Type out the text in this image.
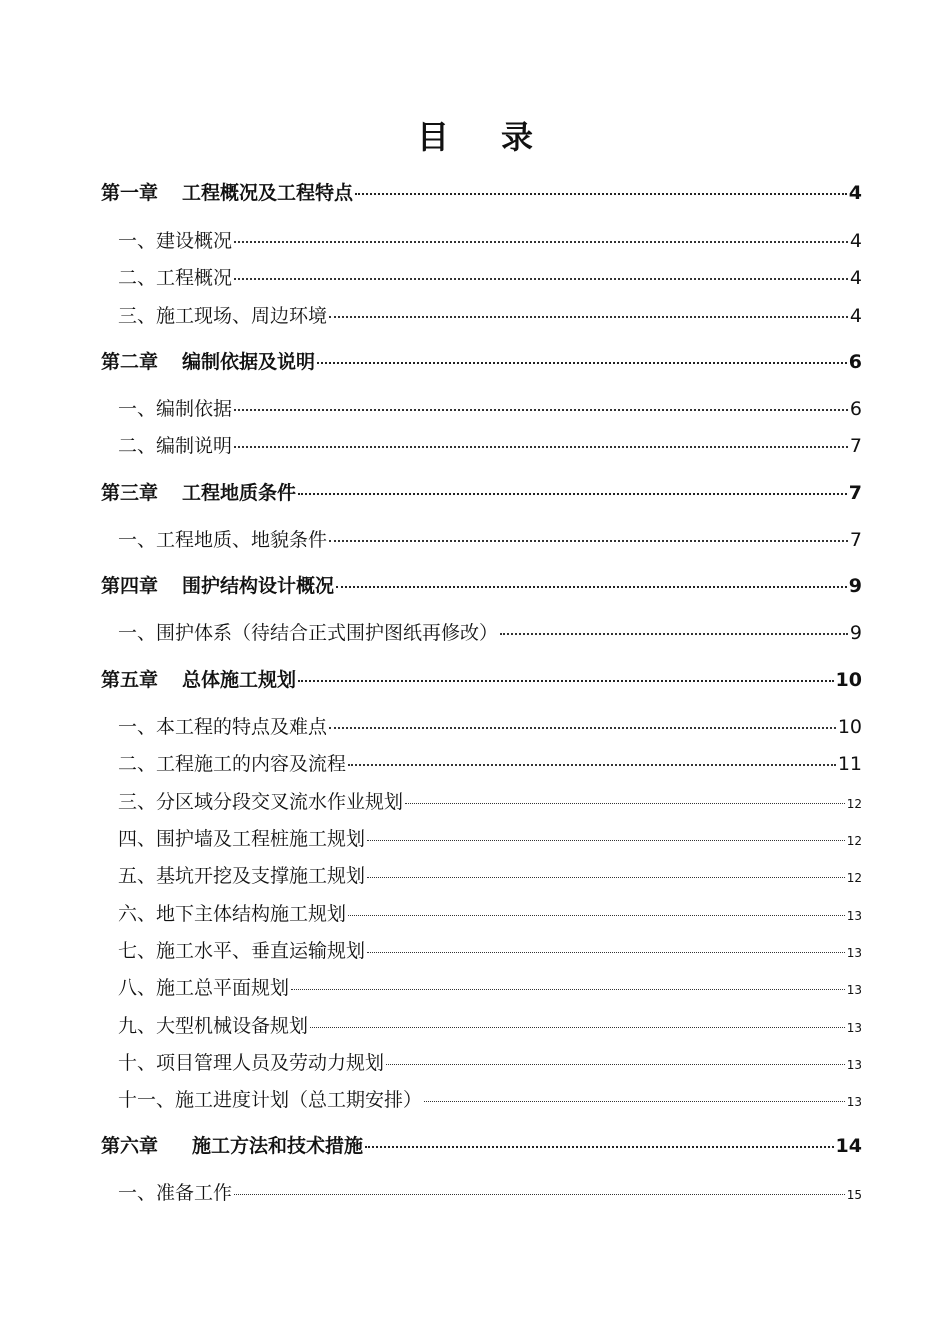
目 录
第一章 工程概况及工程特点	4
一、建设概况	4
二、工程概况	4
三、施工现场、周边环境	4
第二章 编制依据及说明	6
一、编制依据	6
二、编制说明	7
第三章 工程地质条件	7
一、工程地质、地貌条件	7
第四章 围护结构设计概况	9
一、围护体系（待结合正式围护图纸再修改）	9
第五章 总体施工规划	10
一、本工程的特点及难点	10
二、工程施工的内容及流程	11
三、分区域分段交叉流水作业规划	12
四、围护墙及工程桩施工规划	12
五、基坑开挖及支撑施工规划	12
六、地下主体结构施工规划	13
七、施工水平、垂直运输规划	13
八、施工总平面规划	13
九、大型机械设备规划	13
十、项目管理人员及劳动力规划	13
十一、施工进度计划（总工期安排）	13
第六章 施工方法和技术措施	14
一、准备工作	15
